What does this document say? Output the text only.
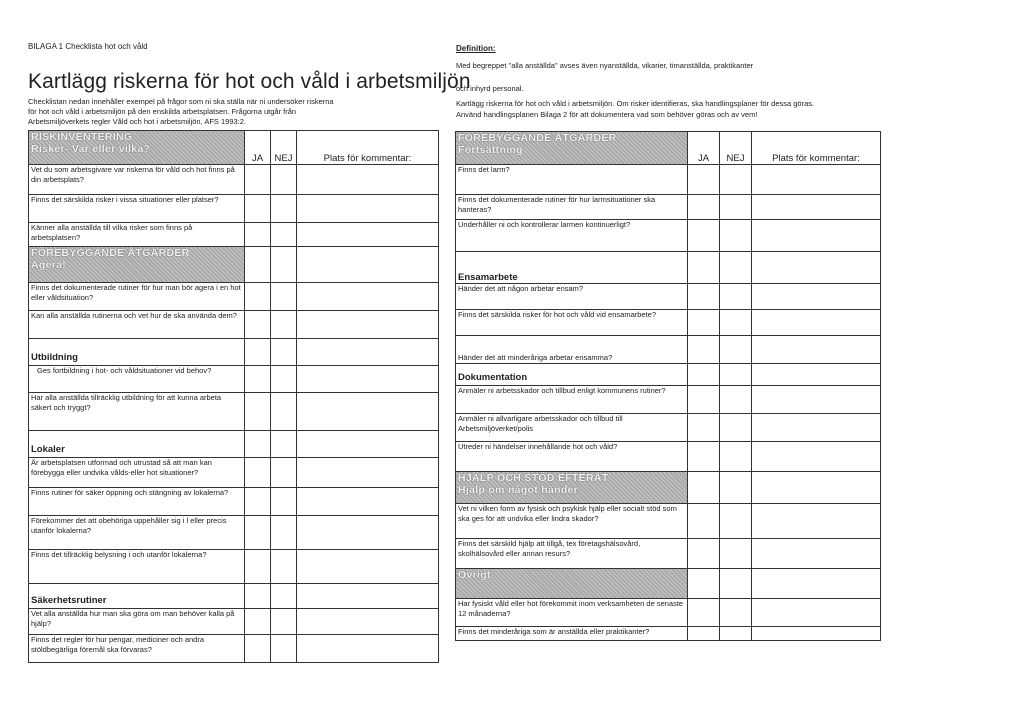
BILAGA 1 Checklista hot och våld
Kartlägg riskerna för hot och våld i arbetsmiljön
Checklistan nedan innehåller exempel på frågor som ni ska ställa när ni undersöker riskerna
för hot och våld i arbetsmiljön på den enskilda arbetsplatsen. Frågorna utgår från
Arbetsmiljöverkets regler Våld och hot i arbetsmiljön, AFS 1993:2.
Definition:
Med begreppet "alla anställda" avses även nyanställda, vikarier, timanställda, praktikanter
och inhyrd personal.
Kartlägg riskerna för hot och våld i arbetsmiljön. Om risker identifieras, ska handlingsplaner för dessa göras.
Använd handlingsplanen Bilaga 2 för att dokumentera vad som behöver göras och av vem!
RISKINVENTERING
Risker- Var eller vilka?	JA	NEJ	Plats för kommentar:
Vet du som arbetsgivare var riskerna för våld och hot finns på din arbetsplats?			
Finns det särskilda risker i vissa situationer eller platser?			
Känner alla anställda till vilka risker som finns på arbetsplatsen?			

FÖREBYGGANDE ÅTGÄRDER
Agera!			

Finns det dokumenterade rutiner för hur man bör agera i en hot eller våldsituation?			
Kan alla anställda rutinerna och vet hur de ska använda dem?			
Utbildning			
Ges fortbildning i hot- och våldsituationer vid behov?			
Har alla anställda tillräcklig utbildning för att kunna arbeta säkert och tryggt?			
Lokaler			
Är arbetsplatsen utformad och utrustad så att man kan förebygga eller undvika vålds-eller hot situationer?			
Finns rutiner för säker öppning och stängning av lokalerna?			
Förekommer det att obehöriga uppehåller sig i l eller precis utanför lokalerna?			
Finns det tillräcklig belysning i och utanför lokalerna?			
Säkerhetsrutiner			
Vet alla anställda hur man ska göra om man behöver kalla på hjälp?			
Finns det regler för hur pengar, mediciner och andra stöldbegärliga föremål ska förvaras?			
FÖREBYGGANDE ÅTGÄRDER
Fortsättning	JA	NEJ	Plats för kommentar:
Finns det larm?			
Finns det dokumenterade rutiner för hur larmsituationer ska hanteras?			
Underhåller ni och kontrollerar larmen kontinuerligt?			
Ensamarbete			
Händer det att någon arbetar ensam?			
Finns det särskilda risker för hot och våld vid ensamarbete?			
Händer det att minderåriga arbetar ensamma?			
Dokumentation			
Anmäler ni arbetsskador och tillbud enligt kommunens rutiner?			
Anmäler ni allvarligare arbetsskador och tillbud till Arbetsmiljöverket/polis			
Utreder ni händelser innehållande hot och våld?			

HJÄLP OCH STÖD EFTERÅT
Hjälp om något händer			

Vet ni vilken form av fysisk och psykisk hjälp eller socialt stöd som ska ges för att undvika eller lindra skador?			
Finns det särskild hjälp att tillgå, tex företagshälsovård, skolhälsovård eller annan resurs?			

Övrigt			

Har fysiskt våld eller hot förekommit inom verksamheten de senaste 12 månaderna?			
Finns det minderåriga som är anställda eller praktikanter?			
